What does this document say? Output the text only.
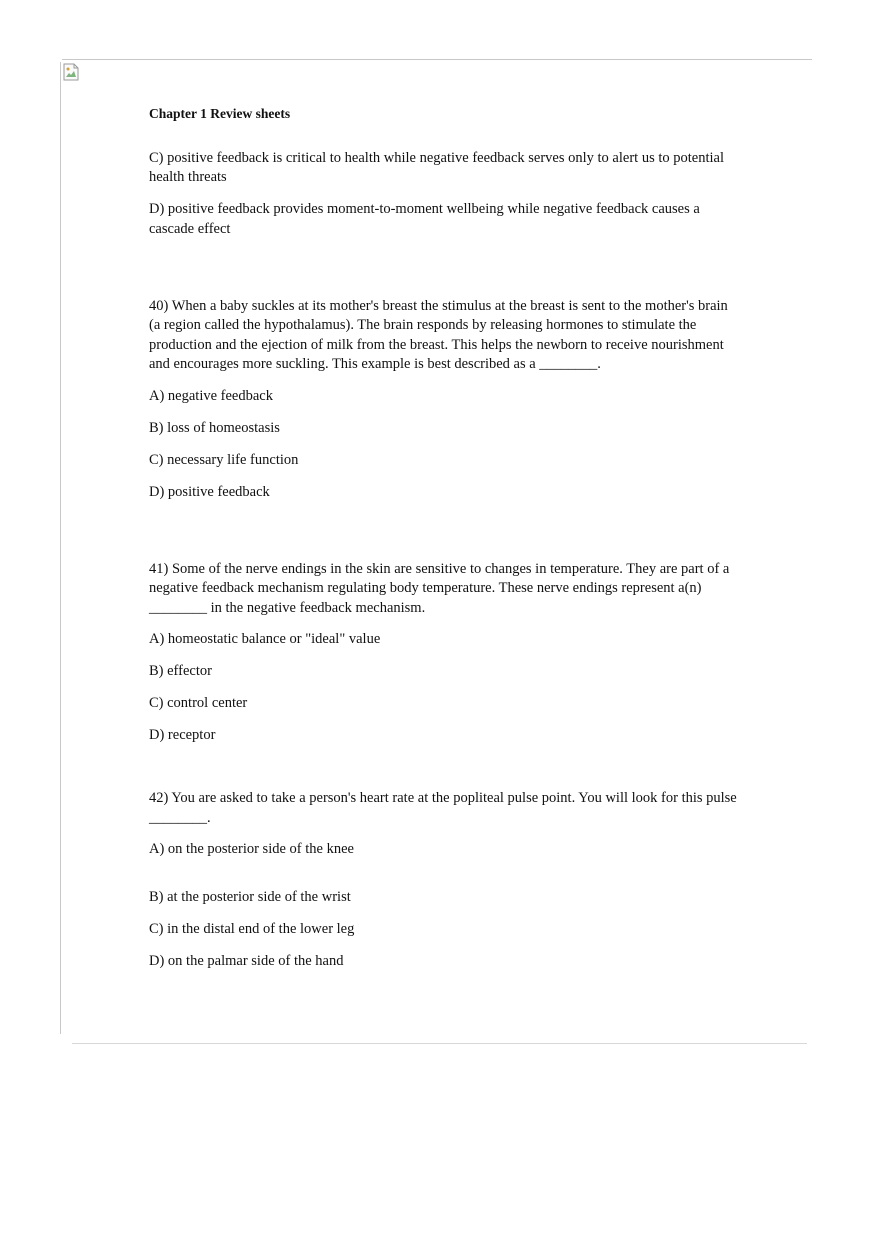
Chapter 1 Review sheets

C) positive feedback is critical to health while negative feedback serves only to alert us to potential health threats

D) positive feedback provides moment-to-moment wellbeing while negative feedback causes a cascade effect

40) When a baby suckles at its mother's breast the stimulus at the breast is sent to the mother's brain (a region called the hypothalamus). The brain responds by releasing hormones to stimulate the production and the ejection of milk from the breast. This helps the newborn to receive nourishment and encourages more suckling. This example is best described as a ________.

A) negative feedback

B) loss of homeostasis

C) necessary life function

D) positive feedback

41) Some of the nerve endings in the skin are sensitive to changes in temperature. They are part of a negative feedback mechanism regulating body temperature. These nerve endings represent a(n) ________ in the negative feedback mechanism.

A) homeostatic balance or "ideal" value

B) effector

C) control center

D) receptor

42) You are asked to take a person's heart rate at the popliteal pulse point. You will look for this pulse ________.

A) on the posterior side of the knee

B) at the posterior side of the wrist

C) in the distal end of the lower leg

D) on the palmar side of the hand
